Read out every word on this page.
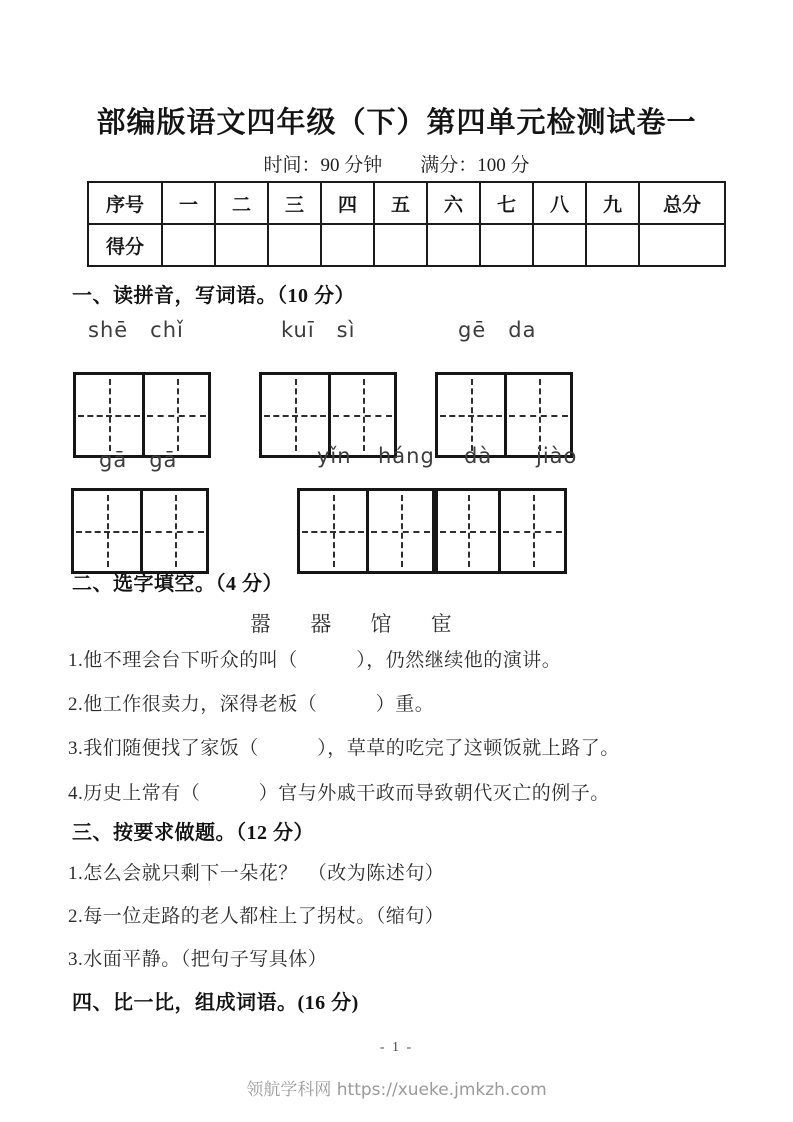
部编版语文四年级（下）第四单元检测试卷一
时间：90 分钟　　满分：100 分
序号	一	二	三	四	五	六	七	八	九	总分
得分										
一、读拼音，写词语。（10 分）
shē　chǐ	kuī　sì	gē　da
gā　gā	yǐn háng dà jiào
二、选字填空。（4 分）
嚣 器 馆 宦
1.他不理会台下听众的叫（　　　），仍然继续他的演讲。
2.他工作很卖力，深得老板（　　　）重。
3.我们随便找了家饭（　　　），草草的吃完了这顿饭就上路了。
4.历史上常有（　　　）官与外戚干政而导致朝代灭亡的例子。
三、按要求做题。（12 分）
1.怎么会就只剩下一朵花？　（改为陈述句）
2.每一位走路的老人都柱上了拐杖。（缩句）
3.水面平静。（把句子写具体）
四、比一比，组成词语。(16 分)
- 1 -
领航学科网 https://xueke.jmkzh.com
